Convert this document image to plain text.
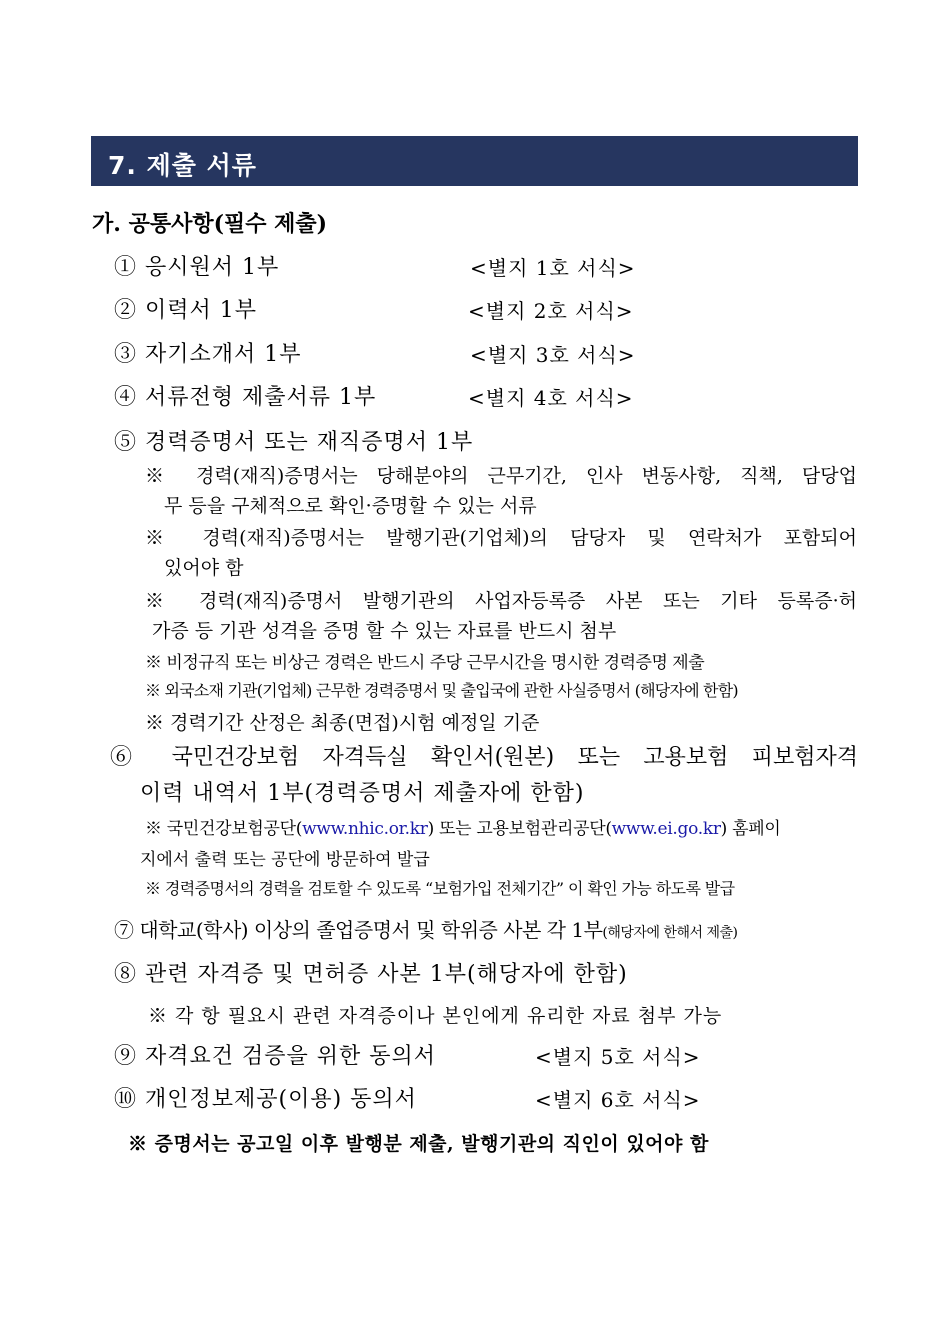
7. 제출 서류
가. 공통사항(필수 제출)
① 응시원서 1부	<별지 1호 서식>
② 이력서 1부	<별지 2호 서식>
③ 자기소개서 1부	<별지 3호 서식>
④ 서류전형 제출서류 1부	<별지 4호 서식>
⑤ 경력증명서 또는 재직증명서 1부
※ 경력(재직)증명서는 당해분야의 근무기간, 인사 변동사항, 직책, 담당업
무 등을 구체적으로 확인·증명할 수 있는 서류
※ 경력(재직)증명서는 발행기관(기업체)의 담당자 및 연락처가 포함되어
있어야 함
※ 경력(재직)증명서 발행기관의 사업자등록증 사본 또는 기타 등록증·허
가증 등 기관 성격을 증명 할 수 있는 자료를 반드시 첨부
※ 비정규직 또는 비상근 경력은 반드시 주당 근무시간을 명시한 경력증명 제출
※ 외국소재 기관(기업체) 근무한 경력증명서 및 출입국에 관한 사실증명서 (해당자에 한함)
※ 경력기간 산정은 최종(면접)시험 예정일 기준
⑥ 국민건강보험 자격득실 확인서(원본) 또는 고용보험 피보험자격
이력 내역서 1부(경력증명서 제출자에 한함)
※ 국민건강보험공단(www.nhic.or.kr) 또는 고용보험관리공단(www.ei.go.kr) 홈페이
지에서 출력 또는 공단에 방문하여 발급
※ 경력증명서의 경력을 검토할 수 있도록 “보험가입 전체기간” 이 확인 가능 하도록 발급
⑦ 대학교(학사) 이상의 졸업증명서 및 학위증 사본 각 1부(해당자에 한해서 제출)
⑧ 관련 자격증 및 면허증 사본 1부(해당자에 한함)
※ 각 항 필요시 관련 자격증이나 본인에게 유리한 자료 첨부 가능
⑨ 자격요건 검증을 위한 동의서	<별지 5호 서식>
⑩ 개인정보제공(이용) 동의서	<별지 6호 서식>
※ 증명서는 공고일 이후 발행분 제출, 발행기관의 직인이 있어야 함
